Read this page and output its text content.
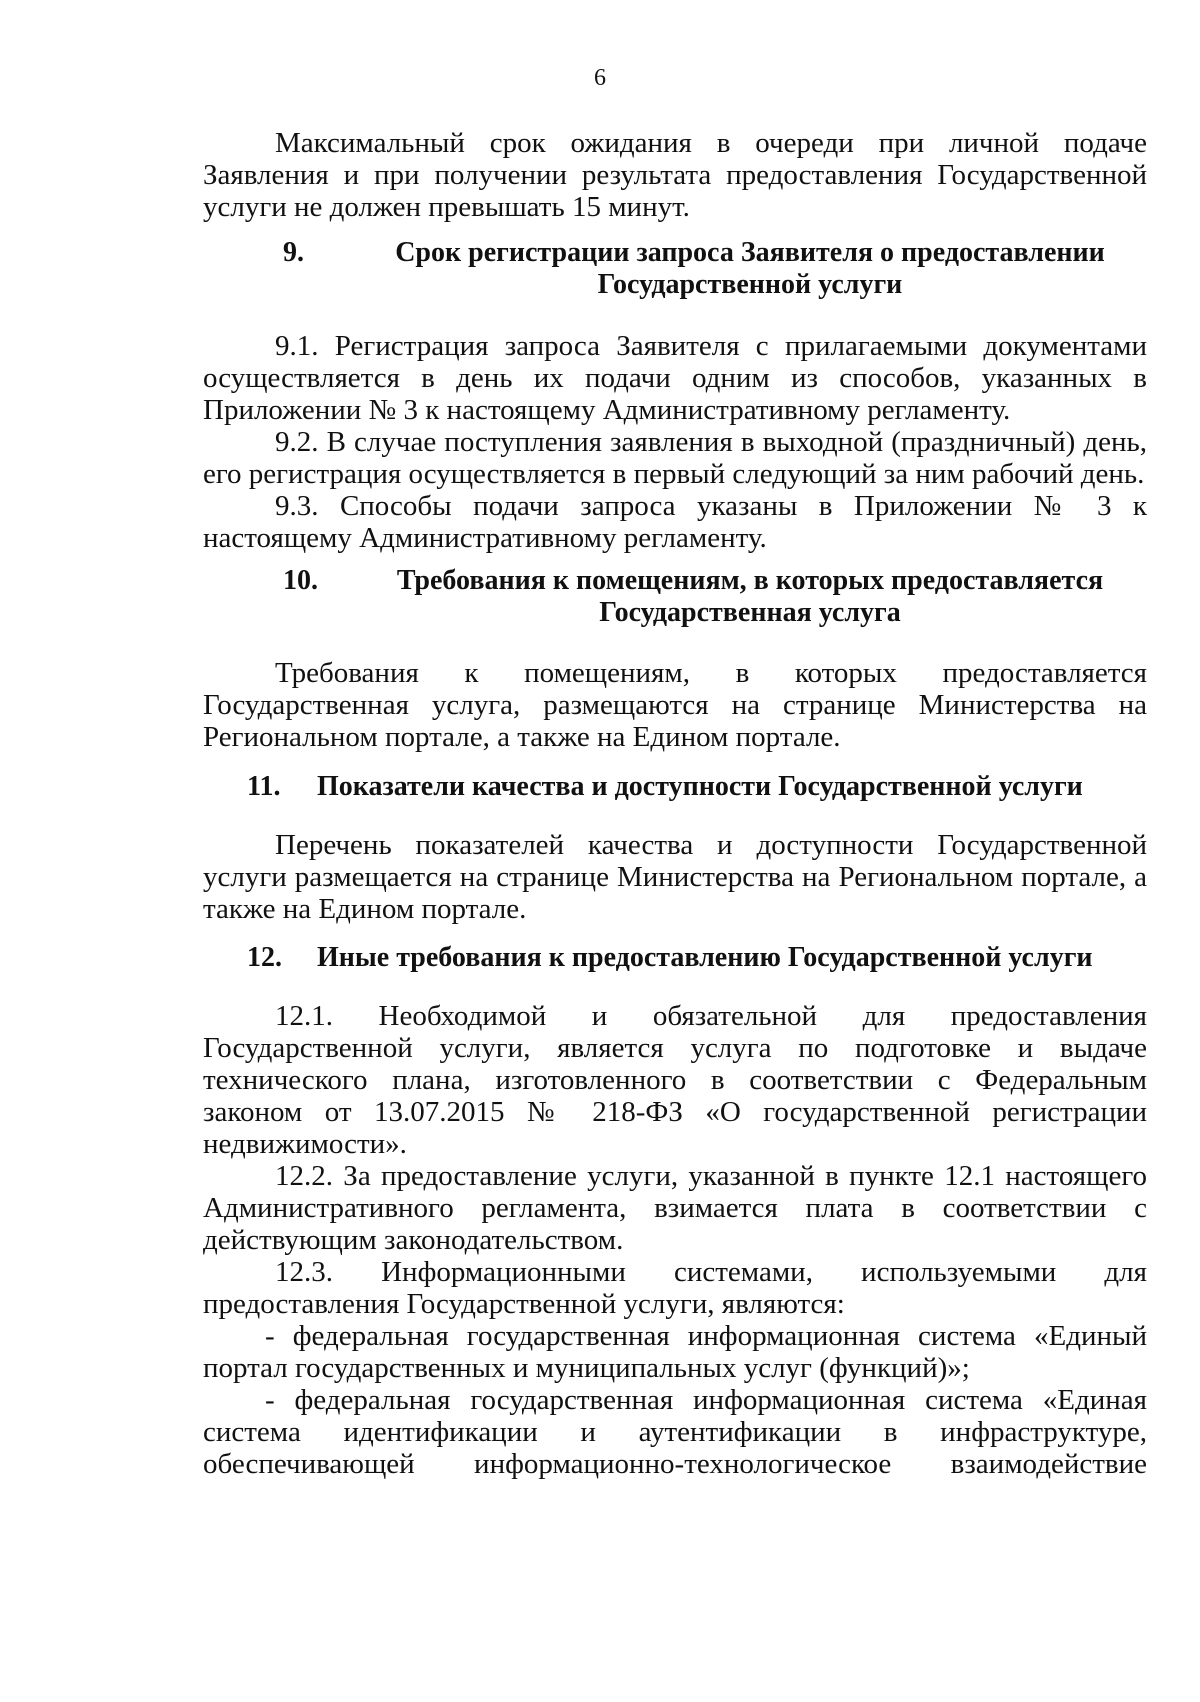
6

Максимальный срок ожидания в очереди при личной подаче Заявления и при получении результата предоставления Государственной услуги не должен превышать 15 минут.

9.	Срок регистрации запроса Заявителя о предоставлении
Государственной услуги

9.1. Регистрация запроса Заявителя с прилагаемыми документами осуществляется в день их подачи одним из способов, указанных в Приложении № 3 к настоящему Административному регламенту.

9.2. В случае поступления заявления в выходной (праздничный) день, его регистрация осуществляется в первый следующий за ним рабочий день.

9.3. Способы подачи запроса указаны в Приложении № 3 к настоящему Административному регламенту.

10.	Требования к помещениям, в которых предоставляется
Государственная услуга

Требования к помещениям, в которых предоставляется Государственная услуга, размещаются на странице Министерства на Региональном портале, а также на Едином портале.

11. Показатели качества и доступности Государственной услуги

Перечень показателей качества и доступности Государственной услуги размещается на странице Министерства на Региональном портале, а также на Едином портале.

12. Иные требования к предоставлению Государственной услуги

12.1. Необходимой и обязательной для предоставления Государственной услуги, является услуга по подготовке и выдаче технического плана, изготовленного в соответствии с Федеральным законом от 13.07.2015 № 218-ФЗ «О государственной регистрации недвижимости».

12.2. За предоставление услуги, указанной в пункте 12.1 настоящего Административного регламента, взимается плата в соответствии с действующим законодательством.

12.3. Информационными системами, используемыми для предоставления Государственной услуги, являются:

- федеральная государственная информационная система «Единый портал государственных и муниципальных услуг (функций)»;

- федеральная государственная информационная система «Единая система идентификации и аутентификации в инфраструктуре, обеспечивающей информационно-технологическое взаимодействие
